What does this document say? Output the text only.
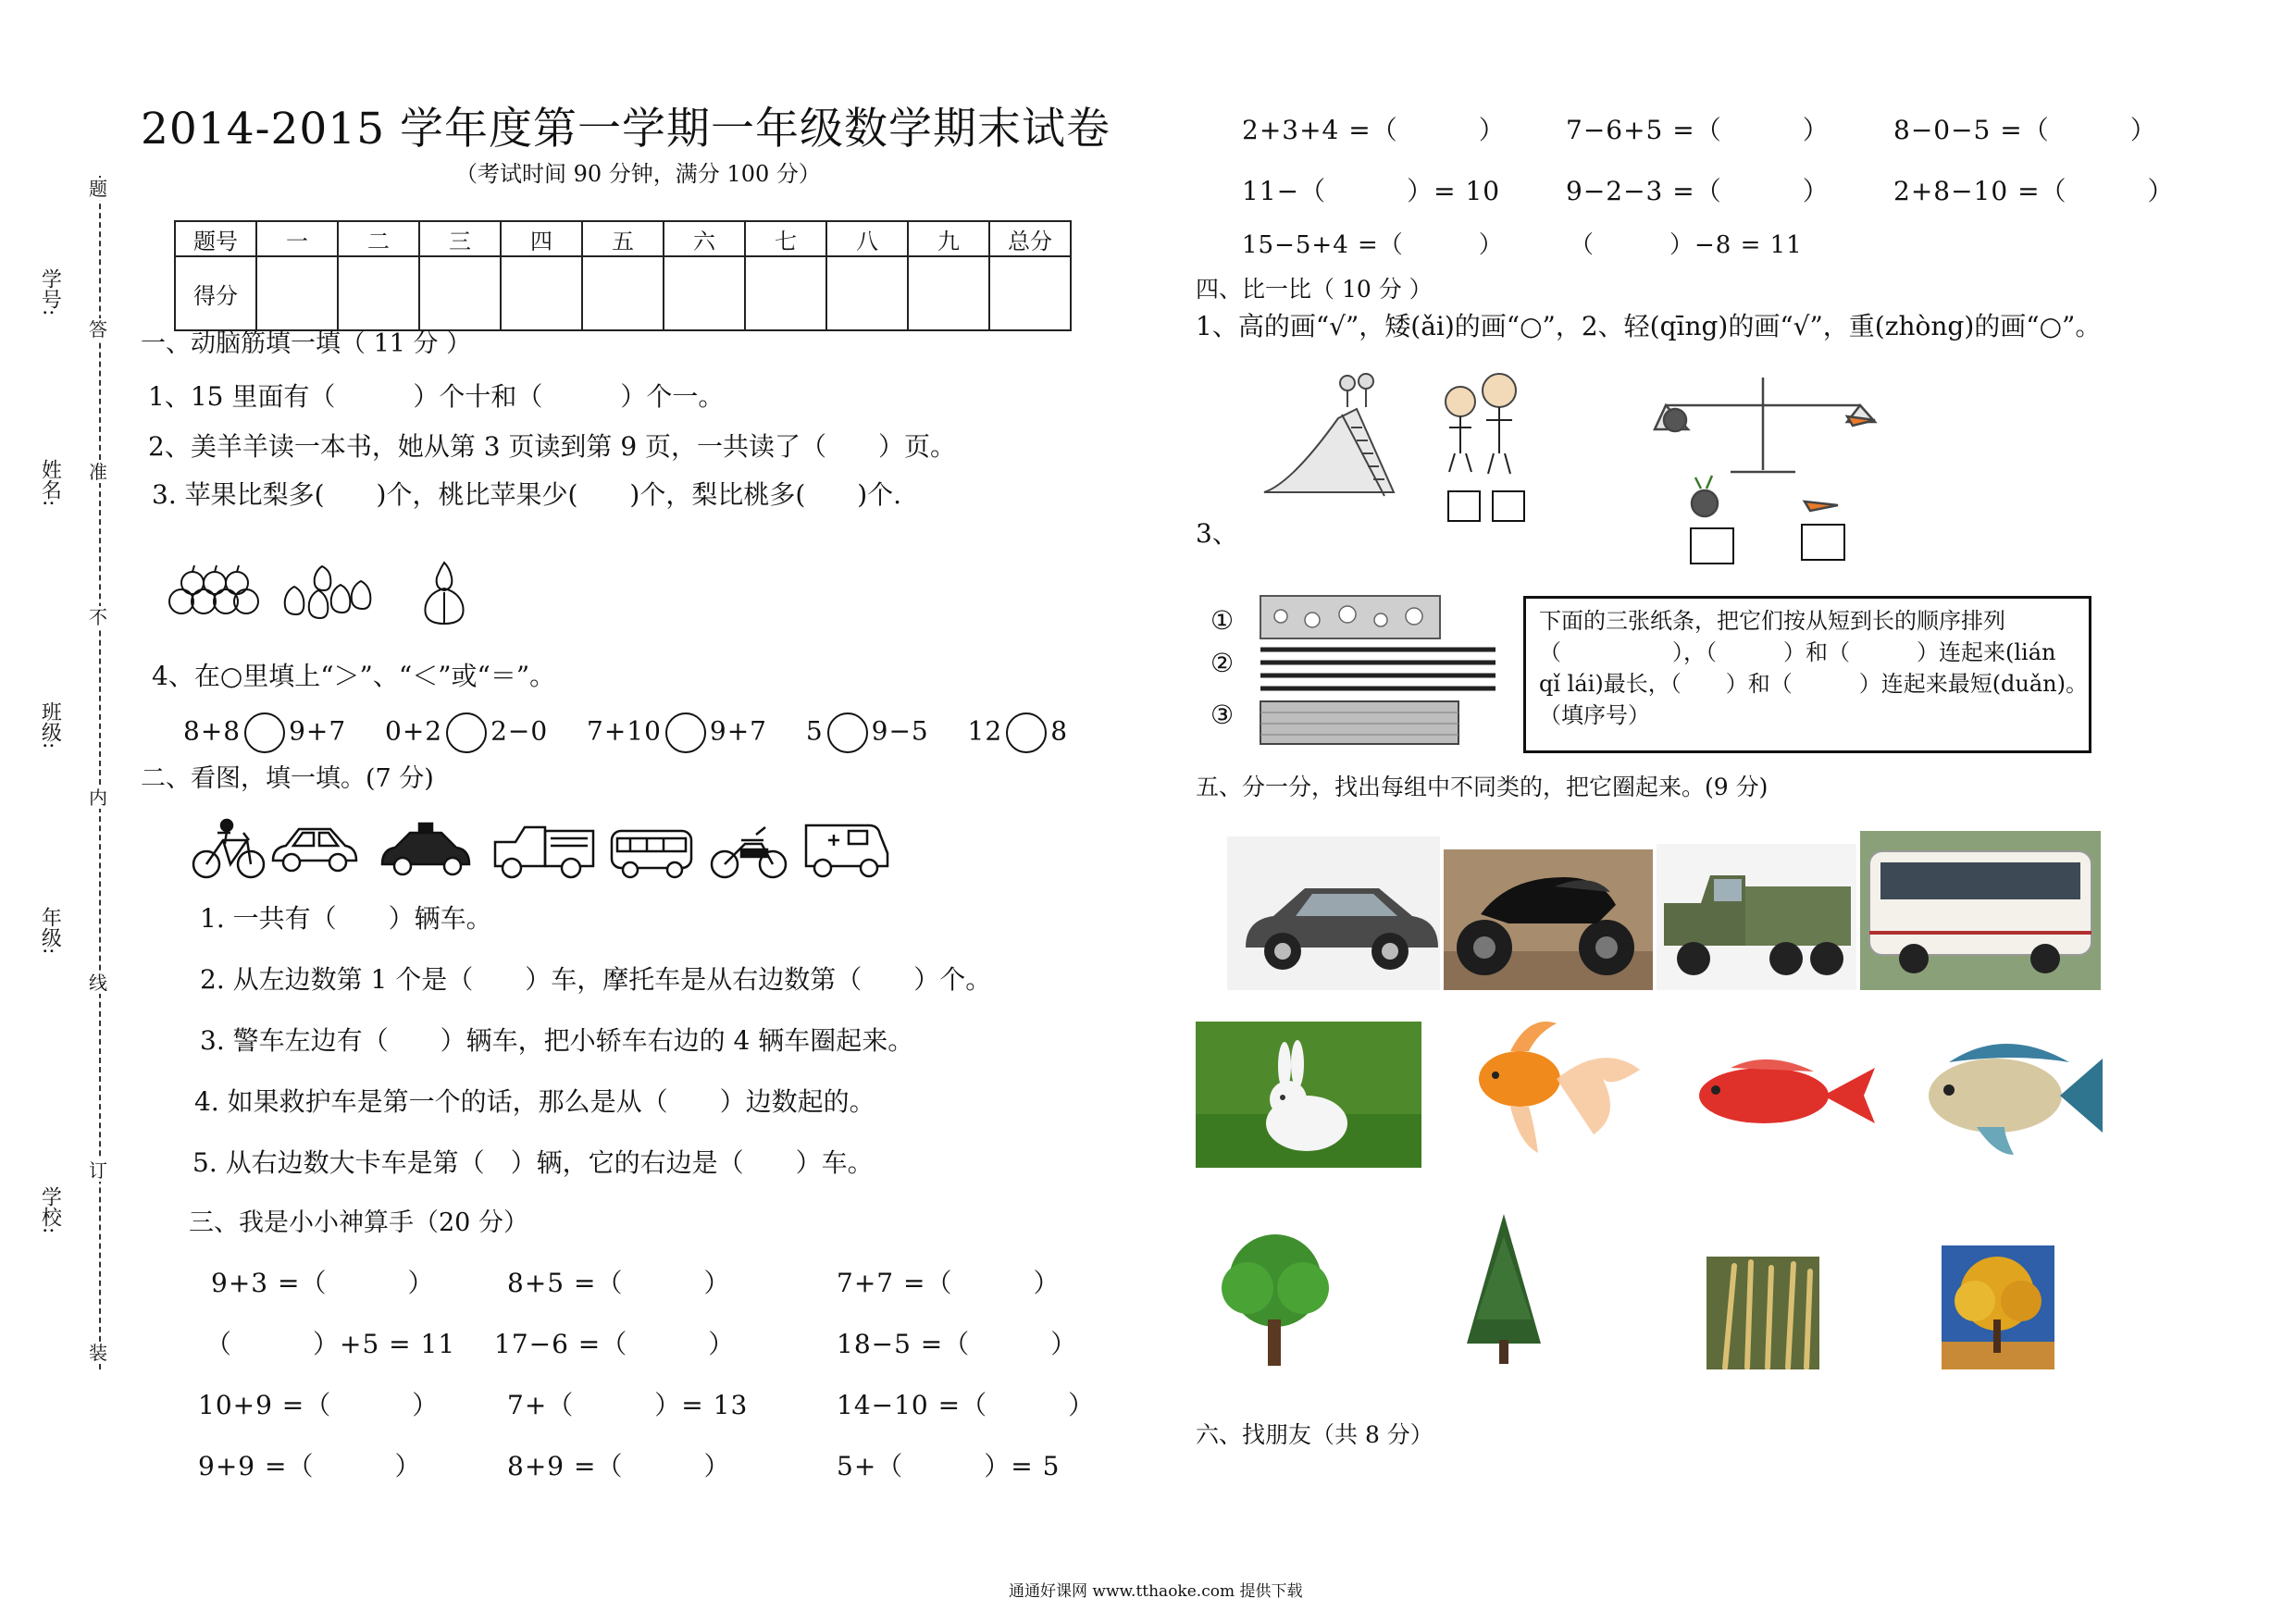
学号:
姓名:
班级:
年级:
学校:
题
答
准
不
内
线
订
装
2014-2015 学年度第一学期一年级数学期末试卷
（考试时间 90 分钟，满分 100 分）
题号	一	二	三	四	五	六	七	八	九	总分
得分										
一、动脑筋填一填（ 11 分 ）
1、15 里面有（　　　）个十和（　　　）个一。
2、美羊羊读一本书，她从第 3 页读到第 9 页，一共读了（　　）页。
3. 苹果比梨多(　　)个，桃比苹果少(　　)个，梨比桃多(　　)个.
4、在○里填上“＞”、“＜”或“＝”。
8+8 9+7 0+2 2−0 7+10 9+7 5 9−5 12 8
二、看图，填一填。(7 分)
1. 一共有（　　）辆车。
2. 从左边数第 1 个是（　　）车，摩托车是从右边数第（　　）个。
3. 警车左边有（　　）辆车，把小轿车右边的 4 辆车圈起来。
4. 如果救护车是第一个的话，那么是从（　　）边数起的。
5. 从右边数大卡车是第（　）辆，它的右边是（　　）车。
三、我是小小神算手（20 分）
9+3 =（　　　）	8+5 =（　　　）	7+7 =（　　　）
（　　　）+5 = 11 17−6 =（　　　）	18−5 =（　　　）
10+9 =（　　　）	7+（　　　）= 13	14−10 =（　　　）
9+9 =（　　　）	8+9 =（　　　）	5+（　　　）= 5
2+3+4 =（　　　） 7−6+5 =（　　　） 8−0−5 =（　　　）
11−（　　　）= 10	9−2−3 =（　　　） 2+8−10 =（　　　）
15−5+4 =（　　　）	（　　　）−8 = 11
四、比一比（ 10 分 ）
1、高的画“√”，矮(ǎi)的画“○”，2、轻(qīng)的画“√”，重(zhòng)的画“○”。
3、
①
②
③
下面的三张纸条，把它们按从短到长的顺序排列
（　　　　　），（　　　）和（　　　）连起来(lián
qǐ lái)最长，（　　）和（　　　）连起来最短(duǎn)。
（填序号）
五、分一分，找出每组中不同类的，把它圈起来。(9 分)
六、找朋友（共 8 分）
通通好课网 www.tthaoke.com 提供下载
